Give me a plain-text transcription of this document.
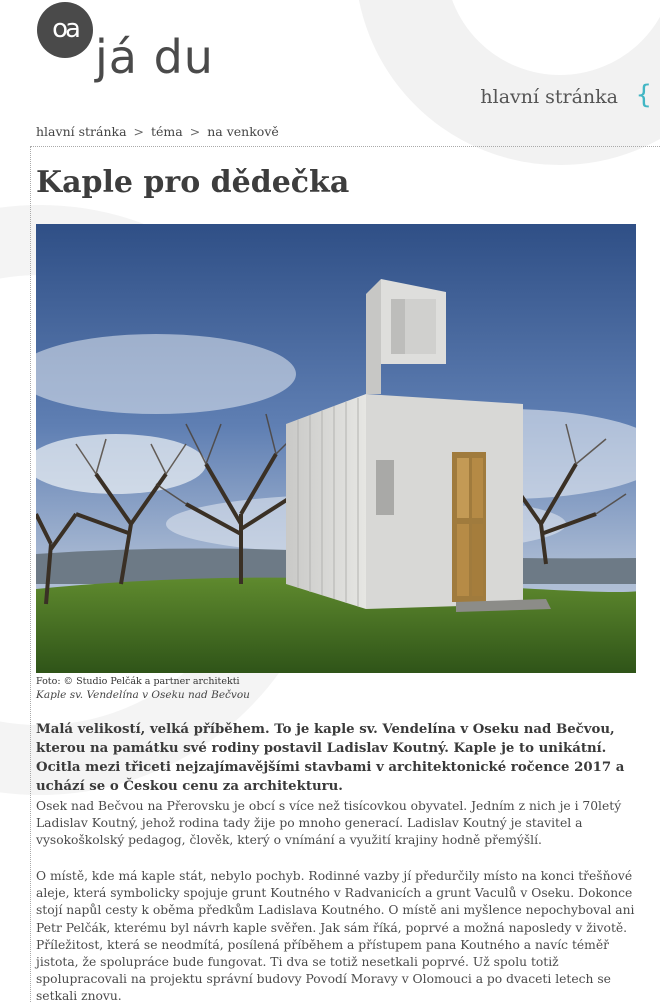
oa
já du
hlavní stránka {
hlavní stránka > téma > na venkově
Kaple pro dědečka
Foto: © Studio Pelčák a partner architekti
Kaple sv. Vendelína v Oseku nad Bečvou

Malá velikostí, velká příběhem. To je kaple sv. Vendelína v Oseku nad Bečvou, kterou na památku své rodiny postavil Ladislav Koutný. Kaple je to unikátní. Ocitla mezi třiceti nejzajímavějšími stavbami v architektonické ročence 2017 a uchází se o Českou cenu za architekturu.

Osek nad Bečvou na Přerovsku je obcí s více než tisícovkou obyvatel. Jedním z nich je i 70letý Ladislav Koutný, jehož rodina tady žije po mnoho generací. Ladislav Koutný je stavitel a vysokoškolský pedagog, člověk, který o vnímání a využití krajiny hodně přemýšlí.

O místě, kde má kaple stát, nebylo pochyb. Rodinné vazby jí předurčily místo na konci třešňové aleje, která symbolicky spojuje grunt Koutného v Radvanicích a grunt Vaculů v Oseku. Dokonce stojí napůl cesty k oběma předkům Ladislava Koutného. O místě ani myšlence nepochyboval ani Petr Pelčák, kterému byl návrh kaple svěřen. Jak sám říká, poprvé a možná naposledy v životě. Příležitost, která se neodmítá, posílená příběhem a přístupem pana Koutného a navíc téměř jistota, že spolupráce bude fungovat. Ti dva se totiž nesetkali poprvé. Už spolu totiž spolupracovali na projektu správní budovy Povodí Moravy v Olomouci a po dvaceti letech se setkali znovu.
